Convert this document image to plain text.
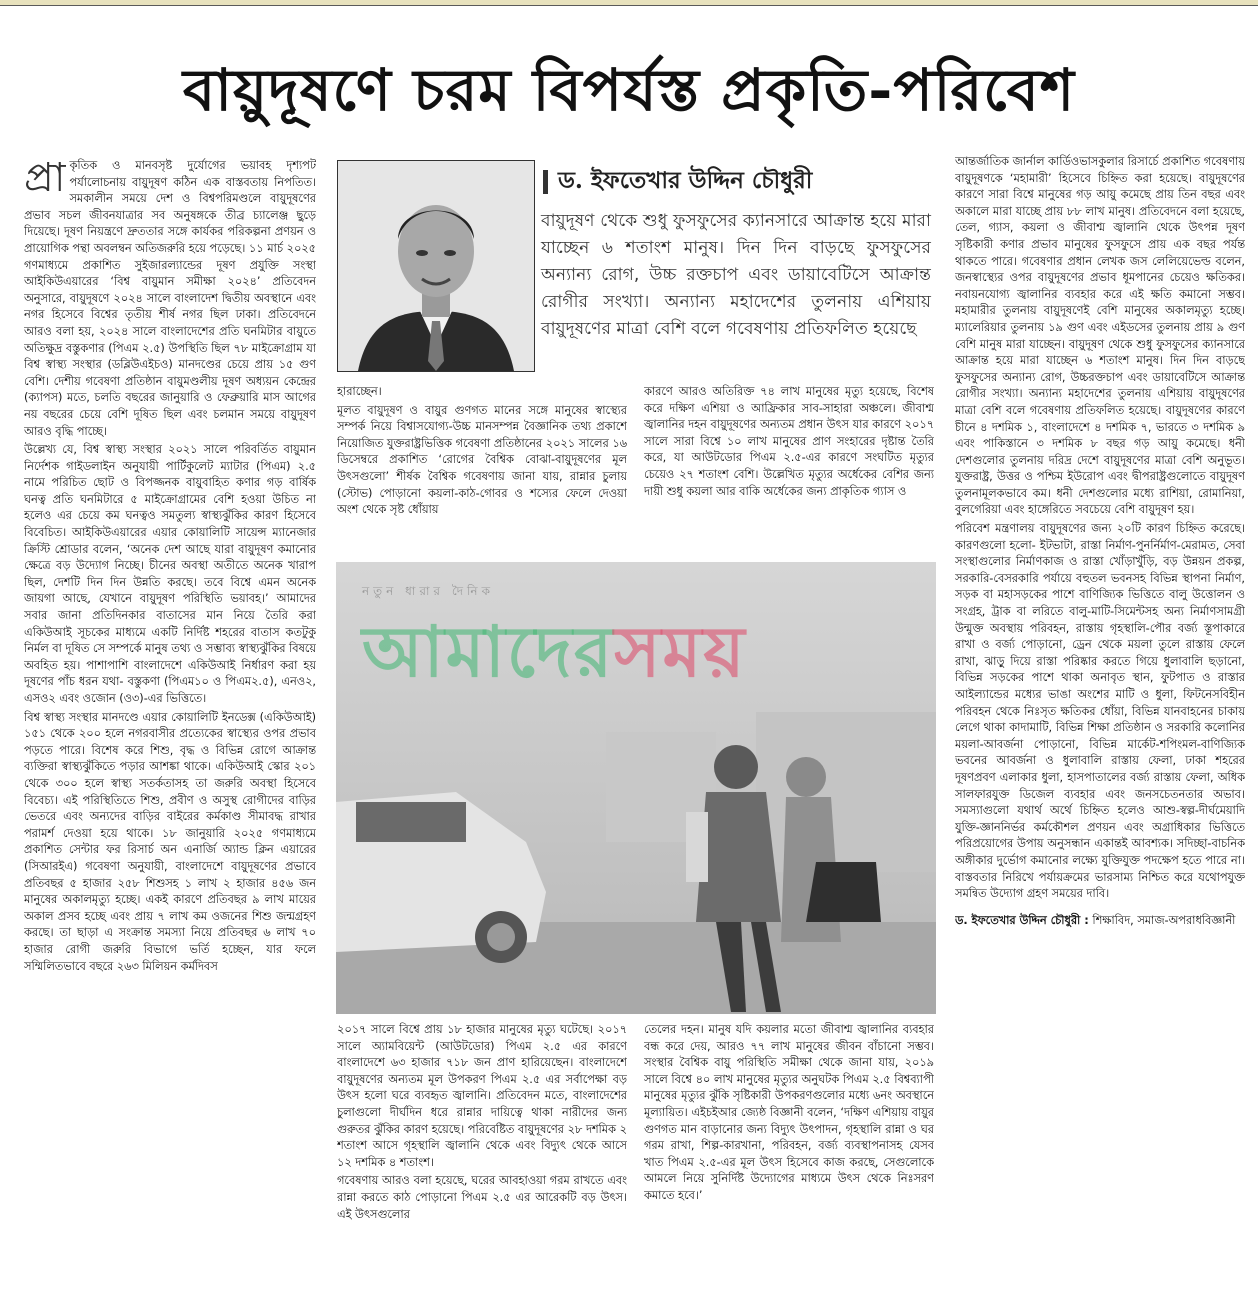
বায়ুদূষণে চরম বিপর্যস্ত প্রকৃতি-পরিবেশ

প্রা কৃতিক ও মানবসৃষ্ট দুর্যোগের ভয়াবহ দৃশ্যপট পর্যালোচনায় বায়ুদূষণ কঠিন এক বাস্তবতায় নিপতিত। সমকালীন সময়ে দেশ ও বিশ্বপরিমণ্ডলে বায়ুদূষণের প্রভাব সচল জীবনযাত্রার সব অনুষঙ্গকে তীব্র চ্যালেঞ্জ ছুড়ে দিয়েছে। দূষণ নিয়ন্ত্রণে দ্রুততার সঙ্গে কার্যকর পরিকল্পনা প্রণয়ন ও প্রায়োগিক পন্থা অবলম্বন অতিজরুরি হয়ে পড়েছে। ১১ মার্চ ২০২৫ গণমাধ্যমে প্রকাশিত সুইজারল্যান্ডের দূষণ প্রযুক্তি সংস্থা আইকিউএয়ারের ‘বিশ্ব বায়ুমান সমীক্ষা ২০২৪’ প্রতিবেদন অনুসারে, বায়ুদূষণে ২০২৪ সালে বাংলাদেশ দ্বিতীয় অবস্থানে এবং নগর হিসেবে বিশ্বের তৃতীয় শীর্ষ নগর ছিল ঢাকা। প্রতিবেদনে আরও বলা হয়, ২০২৪ সালে বাংলাদেশের প্রতি ঘনমিটার বায়ুতে অতিক্ষুদ্র বস্তুকণার (পিএম ২.৫) উপস্থিতি ছিল ৭৮ মাইক্রোগ্রাম যা বিশ্ব স্বাস্থ্য সংস্থার (ডব্লিউএইচও) মানদণ্ডের চেয়ে প্রায় ১৫ গুণ বেশি। দেশীয় গবেষণা প্রতিষ্ঠান বায়ুমণ্ডলীয় দূষণ অধ্যয়ন কেন্দ্রের (ক্যাপস) মতে, চলতি বছরের জানুয়ারি ও ফেব্রুয়ারি মাস আগের নয় বছরের চেয়ে বেশি দূষিত ছিল এবং চলমান সময়ে বায়ুদূষণ আরও বৃদ্ধি পাচ্ছে।

উল্লেখ্য যে, বিশ্ব স্বাস্থ্য সংস্থার ২০২১ সালে পরিবর্তিত বায়ুমান নির্দেশক গাইডলাইন অনুযায়ী পার্টিকুলেট ম্যাটার (পিএম) ২.৫ নামে পরিচিত ছোট ও বিপজ্জনক বায়ুবাহিত কণার গড় বার্ষিক ঘনত্ব প্রতি ঘনমিটারে ৫ মাইক্রোগ্রামের বেশি হওয়া উচিত না হলেও এর চেয়ে কম ঘনত্বও সমতুল্য স্বাস্থ্যঝুঁকির কারণ হিসেবে বিবেচিত। আইকিউএয়ারের এয়ার কোয়ালিটি সায়েন্স ম্যানেজার ক্রিস্টি শ্রোডার বলেন, ‘অনেক দেশ আছে যারা বায়ুদূষণ কমানোর ক্ষেত্রে বড় উদ্যোগ নিচ্ছে। চীনের অবস্থা অতীতে অনেক খারাপ ছিল, দেশটি দিন দিন উন্নতি করছে। তবে বিশ্বে এমন অনেক জায়গা আছে, যেখানে বায়ুদূষণ পরিস্থিতি ভয়াবহ।’ আমাদের সবার জানা প্রতিদিনকার বাতাসের মান নিয়ে তৈরি করা একিউআই সূচকের মাধ্যমে একটি নির্দিষ্ট শহরের বাতাস কতটুকু নির্মল বা দূষিত সে সম্পর্কে মানুষ তথ্য ও সম্ভাব্য স্বাস্থ্যঝুঁকির বিষয়ে অবহিত হয়। পাশাপাশি বাংলাদেশে একিউআই নির্ধারণ করা হয় দূষণের পাঁচ ধরন যথা- বস্তুকণা (পিএম১০ ও পিএম২.৫), এনও২, এসও২ এবং ওজোন (ও৩)-এর ভিত্তিতে।

বিশ্ব স্বাস্থ্য সংস্থার মানদণ্ডে এয়ার কোয়ালিটি ইনডেক্স (একিউআই) ১৫১ থেকে ২০০ হলে নগরবাসীর প্রত্যেকের স্বাস্থ্যের ওপর প্রভাব পড়তে পারে। বিশেষ করে শিশু, বৃদ্ধ ও বিভিন্ন রোগে আক্রান্ত ব্যক্তিরা স্বাস্থ্যঝুঁকিতে পড়ার আশঙ্কা থাকে। একিউআই স্কোর ২০১ থেকে ৩০০ হলে স্বাস্থ্য সতর্কতাসহ তা জরুরি অবস্থা হিসেবে বিবেচ্য। এই পরিস্থিতিতে শিশু, প্রবীণ ও অসুস্থ রোগীদের বাড়ির ভেতরে এবং অন্যদের বাড়ির বাইরের কর্মকাণ্ড সীমাবদ্ধ রাখার পরামর্শ দেওয়া হয়ে থাকে। ১৮ জানুয়ারি ২০২৫ গণমাধ্যমে প্রকাশিত সেন্টার ফর রিসার্চ অন এনার্জি অ্যান্ড ক্লিন এয়ারের (সিআরইএ) গবেষণা অনুযায়ী, বাংলাদেশে বায়ুদূষণের প্রভাবে প্রতিবছর ৫ হাজার ২৫৮ শিশুসহ ১ লাখ ২ হাজার ৪৫৬ জন মানুষের অকালমৃত্যু হচ্ছে। একই কারণে প্রতিবছর ৯ লাখ মায়ের অকাল প্রসব হচ্ছে এবং প্রায় ৭ লাখ কম ওজনের শিশু জন্মগ্রহণ করছে। তা ছাড়া এ সংক্রান্ত সমস্যা নিয়ে প্রতিবছর ৬ লাখ ৭০ হাজার রোগী জরুরি বিভাগে ভর্তি হচ্ছেন, যার ফলে সম্মিলিতভাবে বছরে ২৬৩ মিলিয়ন কর্মদিবস

ড. ইফতেখার উদ্দিন চৌধুরী
বায়ুদূষণ থেকে শুধু ফুসফুসের ক্যানসারে আক্রান্ত হয়ে মারা যাচ্ছেন ৬ শতাংশ মানুষ। দিন দিন বাড়ছে ফুসফুসের অন্যান্য রোগ, উচ্চ রক্তচাপ এবং ডায়াবেটিসে আক্রান্ত রোগীর সংখ্যা। অন্যান্য মহাদেশের তুলনায় এশিয়ায় বায়ুদূষণের মাত্রা বেশি বলে গবেষণায় প্রতিফলিত হয়েছে

হারাচ্ছেন।

মূলত বায়ুদূষণ ও বায়ুর গুণগত মানের সঙ্গে মানুষের স্বাস্থ্যের সম্পর্ক নিয়ে বিশ্বাসযোগ্য-উচ্চ মানসম্পন্ন বৈজ্ঞানিক তথ্য প্রকাশে নিয়োজিত যুক্তরাষ্ট্রভিত্তিক গবেষণা প্রতিষ্ঠানের ২০২১ সালের ১৬ ডিসেম্বরে প্রকাশিত ‘রোগের বৈশ্বিক বোঝা-বায়ুদূষণের মূল উৎসগুলো’ শীর্ষক বৈশ্বিক গবেষণায় জানা যায়, রান্নার চুলায় (স্টোভ) পোড়ানো কয়লা-কাঠ-গোবর ও শস্যের ফেলে দেওয়া অংশ থেকে সৃষ্ট ধোঁয়ায়

কারণে আরও অতিরিক্ত ৭৪ লাখ মানুষের মৃত্যু হয়েছে, বিশেষ করে দক্ষিণ এশিয়া ও আফ্রিকার সাব-সাহারা অঞ্চলে। জীবাশ্ম জ্বালানির দহন বায়ুদূষণের অন্যতম প্রধান উৎস যার কারণে ২০১৭ সালে সারা বিশ্বে ১০ লাখ মানুষের প্রাণ সংহারের দৃষ্টান্ত তৈরি করে, যা আউটডোর পিএম ২.৫-এর কারণে সংঘটিত মৃত্যুর চেয়েও ২৭ শতাংশ বেশি। উল্লেখিত মৃত্যুর অর্ধেকের বেশির জন্য দায়ী শুধু কয়লা আর বাকি অর্ধেকের জন্য প্রাকৃতিক গ্যাস ও

নতুন ধারার দৈনিক
আমাদেরসময়

২০১৭ সালে বিশ্বে প্রায় ১৮ হাজার মানুষের মৃত্যু ঘটেছে। ২০১৭ সালে অ্যামবিয়েন্ট (আউটডোর) পিএম ২.৫ এর কারণে বাংলাদেশে ৬৩ হাজার ৭১৮ জন প্রাণ হারিয়েছেন। বাংলাদেশে বায়ুদূষণের অন্যতম মূল উপকরণ পিএম ২.৫ এর সর্বাপেক্ষা বড় উৎস হলো ঘরে ব্যবহৃত জ্বালানি। প্রতিবেদন মতে, বাংলাদেশের চুলাগুলো দীর্ঘদিন ধরে রান্নার দায়িত্বে থাকা নারীদের জন্য গুরুতর ঝুঁকির কারণ হয়েছে। পরিবেষ্টিত বায়ুদূষণের ২৮ দশমিক ২ শতাংশ আসে গৃহস্থালি জ্বালানি থেকে এবং বিদ্যুৎ থেকে আসে ১২ দশমিক ৪ শতাংশ।

গবেষণায় আরও বলা হয়েছে, ঘরের আবহাওয়া গরম রাখতে এবং রান্না করতে কাঠ পোড়ানো পিএম ২.৫ এর আরেকটি বড় উৎস। এই উৎসগুলোর

তেলের দহন। মানুষ যদি কয়লার মতো জীবাশ্ম জ্বালানির ব্যবহার বন্ধ করে দেয়, আরও ৭৭ লাখ মানুষের জীবন বাঁচানো সম্ভব। সংস্থার বৈশ্বিক বায়ু পরিস্থিতি সমীক্ষা থেকে জানা যায়, ২০১৯ সালে বিশ্বে ৪০ লাখ মানুষের মৃত্যুর অনুঘটক পিএম ২.৫ বিশ্বব্যাপী মানুষের মৃত্যুর ঝুঁকি সৃষ্টিকারী উপকরণগুলোর মধ্যে ৬নং অবস্থানে মূল্যায়িত। এইচইআর জ্যেষ্ঠ বিজ্ঞানী বলেন, ‘দক্ষিণ এশিয়ায় বায়ুর গুণগত মান বাড়ানোর জন্য বিদ্যুৎ উৎপাদন, গৃহস্থালি রান্না ও ঘর গরম রাখা, শিল্প-কারখানা, পরিবহন, বর্জ্য ব্যবস্থাপনাসহ যেসব খাত পিএম ২.৫-এর মূল উৎস হিসেবে কাজ করছে, সেগুলোকে আমলে নিয়ে সুনির্দিষ্ট উদ্যোগের মাধ্যমে উৎস থেকে নিঃসরণ কমাতে হবে।’

আন্তর্জাতিক জার্নাল কার্ডিওভাসকুলার রিসার্চে প্রকাশিত গবেষণায় বায়ুদূষণকে ‘মহামারী’ হিসেবে চিহ্নিত করা হয়েছে। বায়ুদূষণের কারণে সারা বিশ্বে মানুষের গড় আয়ু কমেছে প্রায় তিন বছর এবং অকালে মারা যাচ্ছে প্রায় ৮৮ লাখ মানুষ। প্রতিবেদনে বলা হয়েছে, তেল, গ্যাস, কয়লা ও জীবাশ্ম জ্বালানি থেকে উৎপন্ন দূষণ সৃষ্টিকারী কণার প্রভাব মানুষের ফুসফুসে প্রায় এক বছর পর্যন্ত থাকতে পারে। গবেষণার প্রধান লেখক জস লেলিয়েভেল্ড বলেন, জনস্বাস্থ্যের ওপর বায়ুদূষণের প্রভাব ধূমপানের চেয়েও ক্ষতিকর। নবায়নযোগ্য জ্বালানির ব্যবহার করে এই ক্ষতি কমানো সম্ভব। মহামারীর তুলনায় বায়ুদূষণেই বেশি মানুষের অকালমৃত্যু হচ্ছে। ম্যালেরিয়ার তুলনায় ১৯ গুণ এবং এইডসের তুলনায় প্রায় ৯ গুণ বেশি মানুষ মারা যাচ্ছেন। বায়ুদূষণ থেকে শুধু ফুসফুসের ক্যানসারে আক্রান্ত হয়ে মারা যাচ্ছেন ৬ শতাংশ মানুষ। দিন দিন বাড়ছে ফুসফুসের অন্যান্য রোগ, উচ্চরক্তচাপ এবং ডায়াবেটিসে আক্রান্ত রোগীর সংখ্যা। অন্যান্য মহাদেশের তুলনায় এশিয়ায় বায়ুদূষণের মাত্রা বেশি বলে গবেষণায় প্রতিফলিত হয়েছে। বায়ুদূষণের কারণে চীনে ৪ দশমিক ১, বাংলাদেশে ৪ দশমিক ৭, ভারতে ৩ দশমিক ৯ এবং পাকিস্তানে ৩ দশমিক ৮ বছর গড় আয়ু কমেছে। ধনী দেশগুলোর তুলনায় দরিদ্র দেশে বায়ুদূষণের মাত্রা বেশি অনুভূত। যুক্তরাষ্ট্র, উত্তর ও পশ্চিম ইউরোপ এবং দ্বীপরাষ্ট্রগুলোতে বায়ুদূষণ তুলনামূলকভাবে কম। ধনী দেশগুলোর মধ্যে রাশিয়া, রোমানিয়া, বুলগেরিয়া এবং হাঙ্গেরিতে সবচেয়ে বেশি বায়ুদূষণ হয়।

পরিবেশ মন্ত্রণালয় বায়ুদূষণের জন্য ২০টি কারণ চিহ্নিত করেছে। কারণগুলো হলো- ইটভাটা, রাস্তা নির্মাণ-পুনর্নির্মাণ-মেরামত, সেবা সংস্থাগুলোর নির্মাণকাজ ও রাস্তা খোঁড়াখুঁড়ি, বড় উন্নয়ন প্রকল্প, সরকারি-বেসরকারি পর্যায়ে বহুতল ভবনসহ বিভিন্ন স্থাপনা নির্মাণ, সড়ক বা মহাসড়কের পাশে বাণিজ্যিক ভিত্তিতে বালু উত্তোলন ও সংগ্রহ, ট্রাক বা লরিতে বালু-মাটি-সিমেন্টসহ অন্য নির্মাণসামগ্রী উন্মুক্ত অবস্থায় পরিবহন, রাস্তায় গৃহস্থালি-পৌর বর্জ্য স্তূপাকারে রাখা ও বর্জ্য পোড়ানো, ড্রেন থেকে ময়লা তুলে রাস্তায় ফেলে রাখা, ঝাড়ু দিয়ে রাস্তা পরিষ্কার করতে গিয়ে ধুলাবালি ছড়ানো, বিভিন্ন সড়কের পাশে থাকা অনাবৃত স্থান, ফুটপাত ও রাস্তার আইল্যান্ডের মধ্যের ভাঙা অংশের মাটি ও ধুলা, ফিটনেসবিহীন পরিবহন থেকে নিঃসৃত ক্ষতিকর ধোঁয়া, বিভিন্ন যানবাহনের চাকায় লেগে থাকা কাদামাটি, বিভিন্ন শিক্ষা প্রতিষ্ঠান ও সরকারি কলোনির ময়লা-আবর্জনা পোড়ানো, বিভিন্ন মার্কেট-শপিংমল-বাণিজ্যিক ভবনের আবর্জনা ও ধুলাবালি রাস্তায় ফেলা, ঢাকা শহরের দূষণপ্রবণ এলাকার ধুলা, হাসপাতালের বর্জ্য রাস্তায় ফেলা, অধিক সালফারযুক্ত ডিজেল ব্যবহার এবং জনসচেতনতার অভাব। সমস্যাগুলো যথার্থ অর্থে চিহ্নিত হলেও আশু-স্বল্প-দীর্ঘমেয়াদি যুক্তি-জ্ঞাননির্ভর কর্মকৌশল প্রণয়ন এবং অগ্রাধিকার ভিত্তিতে পরিপ্রয়োগের উপায় অনুসন্ধান একান্তই আবশ্যক। সদিচ্ছা-বাচনিক অঙ্গীকার দুর্ভোগ কমানোর লক্ষ্যে যুক্তিযুক্ত পদক্ষেপ হতে পারে না। বাস্তবতার নিরিখে পর্যায়ক্রমের ভারসাম্য নিশ্চিত করে যথোপযুক্ত সমন্বিত উদ্যোগ গ্রহণ সময়ের দাবি।

ড. ইফতেখার উদ্দিন চৌধুরী : শিক্ষাবিদ, সমাজ-অপরাধবিজ্ঞানী
